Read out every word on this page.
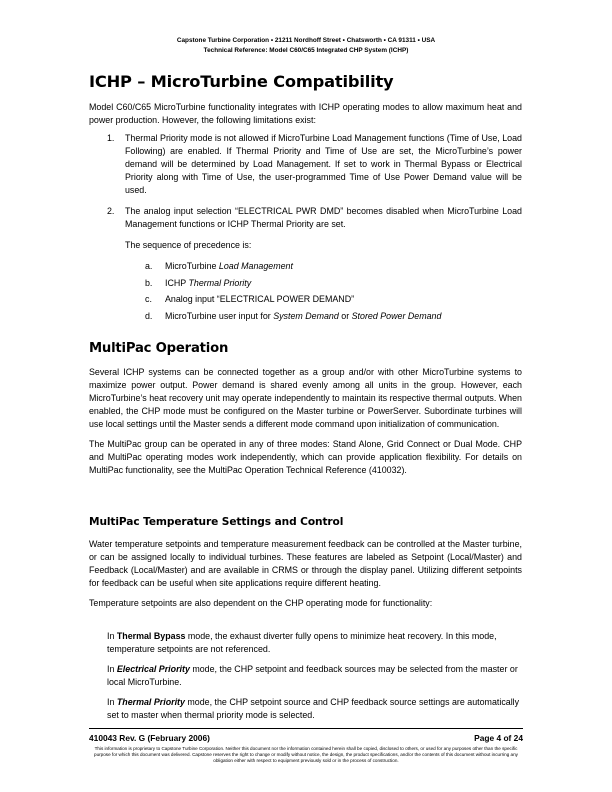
Capstone Turbine Corporation • 21211 Nordhoff Street • Chatsworth • CA 91311 • USA
Technical Reference: Model C60/C65 Integrated CHP System (ICHP)
ICHP – MicroTurbine Compatibility

Model C60/C65 MicroTurbine functionality integrates with ICHP operating modes to allow maximum heat and power production. However, the following limitations exist:

1.	Thermal Priority mode is not allowed if MicroTurbine Load Management functions (Time of Use, Load Following) are enabled. If Thermal Priority and Time of Use are set, the MicroTurbine’s power demand will be determined by Load Management. If set to work in Thermal Bypass or Electrical Priority along with Time of Use, the user-programmed Time of Use Power Demand value will be used.

2.	The analog input selection “ELECTRICAL PWR DMD” becomes disabled when MicroTurbine Load Management functions or ICHP Thermal Priority are set.

The sequence of precedence is:

a.	MicroTurbine Load Management
b.	ICHP Thermal Priority
c.	Analog input “ELECTRICAL POWER DEMAND”
d.	MicroTurbine user input for System Demand or Stored Power Demand
MultiPac Operation

Several ICHP systems can be connected together as a group and/or with other MicroTurbine systems to maximize power output. Power demand is shared evenly among all units in the group. However, each MicroTurbine’s heat recovery unit may operate independently to maintain its respective thermal outputs. When enabled, the CHP mode must be configured on the Master turbine or PowerServer. Subordinate turbines will use local settings until the Master sends a different mode command upon initialization of communication.

The MultiPac group can be operated in any of three modes: Stand Alone, Grid Connect or Dual Mode. CHP and MultiPac operating modes work independently, which can provide application flexibility. For details on MultiPac functionality, see the MultiPac Operation Technical Reference (410032).

MultiPac Temperature Settings and Control

Water temperature setpoints and temperature measurement feedback can be controlled at the Master turbine, or can be assigned locally to individual turbines. These features are labeled as Setpoint (Local/Master) and Feedback (Local/Master) and are available in CRMS or through the display panel. Utilizing different setpoints for feedback can be useful when site applications require different heating.

Temperature setpoints are also dependent on the CHP operating mode for functionality:

In Thermal Bypass mode, the exhaust diverter fully opens to minimize heat recovery. In this mode, temperature setpoints are not referenced.

In Electrical Priority mode, the CHP setpoint and feedback sources may be selected from the master or local MicroTurbine.

In Thermal Priority mode, the CHP setpoint source and CHP feedback source settings are automatically set to master when thermal priority mode is selected.

410043 Rev. G (February 2006)	Page 4 of 24
This information is proprietary to Capstone Turbine Corporation. Neither this document nor the information contained herein shall be copied, disclosed to others, or used for any purposes other than the specific purpose for which this document was delivered. Capstone reserves the right to change or modify without notice, the design, the product specifications, and/or the contents of this document without incurring any obligation either with respect to equipment previously sold or in the process of construction.
